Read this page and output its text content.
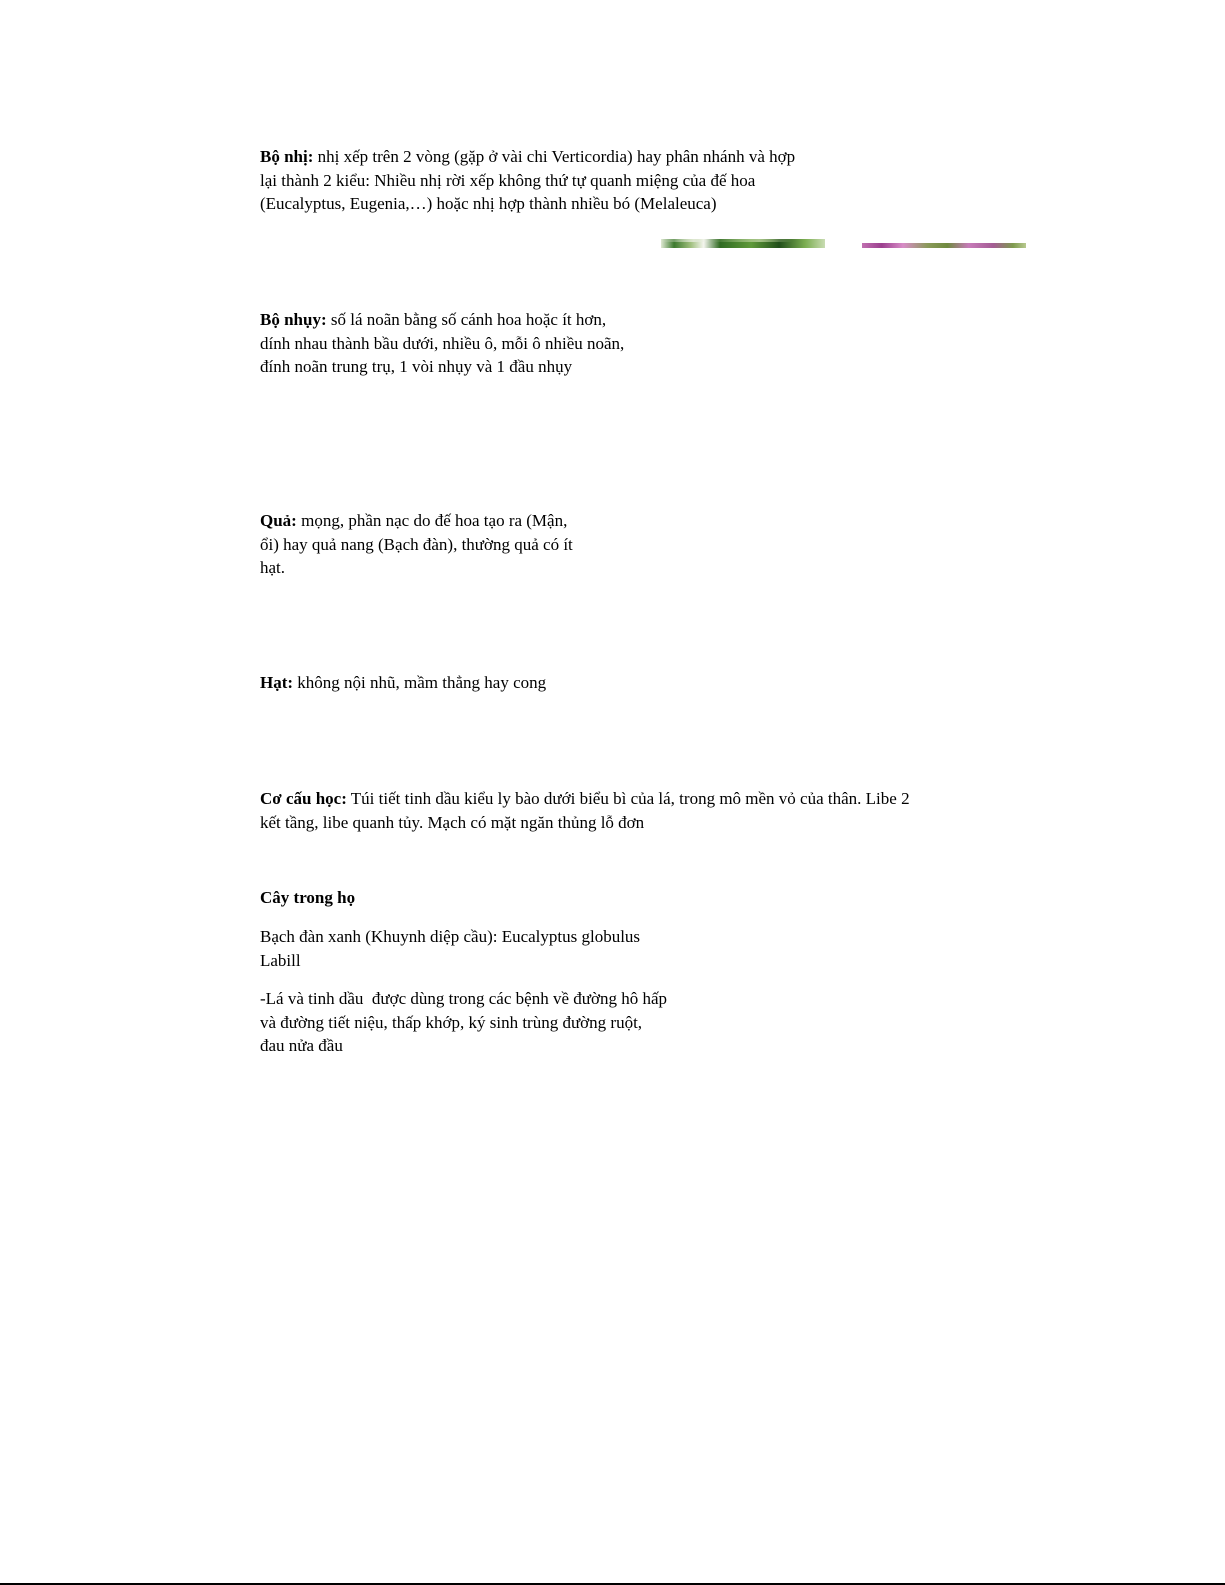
Bộ nhị: nhị xếp trên 2 vòng (gặp ở vài chi Verticordia) hay phân nhánh và hợp
lại thành 2 kiểu: Nhiều nhị rời xếp không thứ tự quanh miệng của đế hoa
(Eucalyptus, Eugenia,…) hoặc nhị hợp thành nhiều bó (Melaleuca)

Bộ nhụy: số lá noãn bằng số cánh hoa hoặc ít hơn,
dính nhau thành bầu dưới, nhiều ô, mỗi ô nhiều noãn,
đính noãn trung trụ, 1 vòi nhụy và 1 đầu nhụy

Quả: mọng, phần nạc do đế hoa tạo ra (Mận,
ổi) hay quả nang (Bạch đàn), thường quả có ít
hạt.

Hạt: không nội nhũ, mầm thẳng hay cong

Cơ cấu học: Túi tiết tinh dầu kiểu ly bào dưới biểu bì của lá, trong mô mền vỏ của thân. Libe 2
kết tầng, libe quanh tủy. Mạch có mặt ngăn thủng lỗ đơn

Cây trong họ

Bạch đàn xanh (Khuynh diệp cầu): Eucalyptus globulus
Labill

-Lá và tinh dầu  được dùng trong các bệnh về đường hô hấp
và đường tiết niệu, thấp khớp, ký sinh trùng đường ruột,
đau nửa đầu
